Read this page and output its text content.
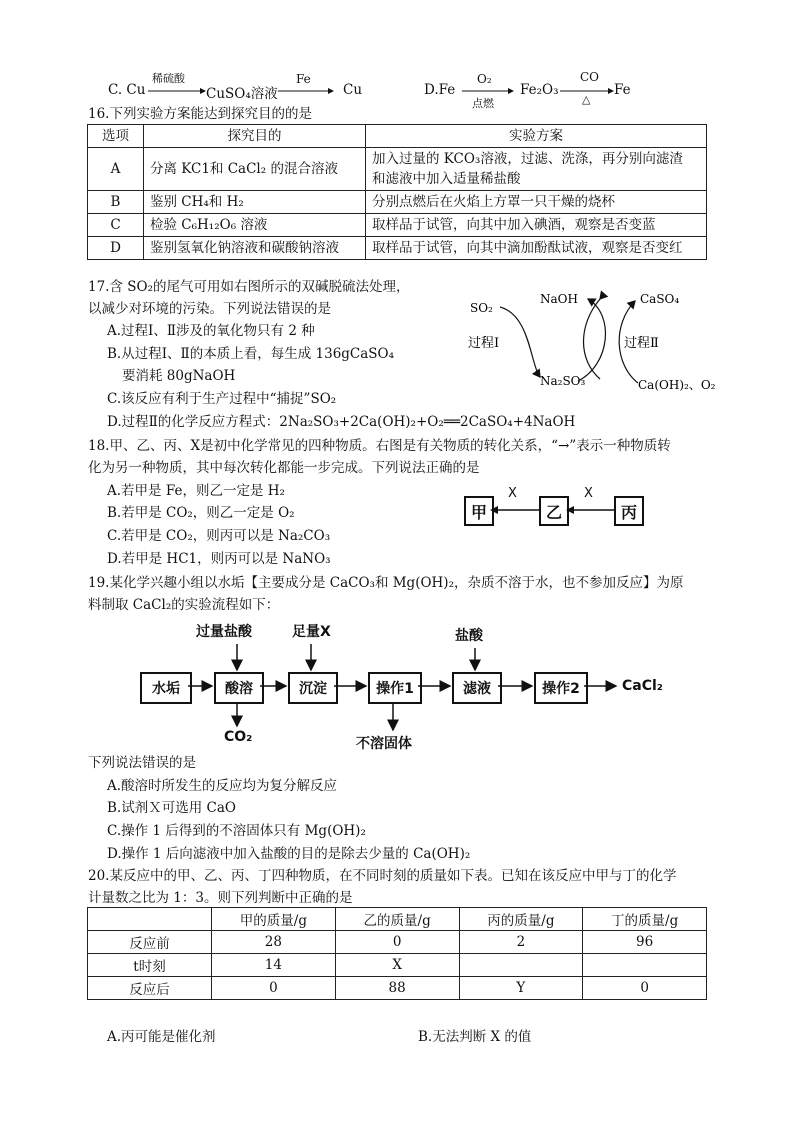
C. Cu
稀硫酸
CuSO₄溶液
Fe
Cu	D.Fe
O₂
点燃
Fe₂O₃
CO
△
Fe
16.下列实验方案能达到探究目的的是
选项	探究目的	实验方案
A	分离 KC1和 CaCl₂ 的混合溶液	加入过量的 KCO₃溶液，过滤、洗涤，再分别向滤渣
和滤液中加入适量稀盐酸

B	鉴别 CH₄和 H₂	分别点燃后在火焰上方罩一只干燥的烧杯
C	检验 C₆H₁₂O₆ 溶液	取样品于试管，向其中加入碘酒，观察是否变蓝
D	鉴别氢氧化钠溶液和碳酸钠溶液	取样品于试管，向其中滴加酚酞试液，观察是否变红
17.含 SO₂的尾气可用如右图所示的双碱脱硫法处理，
以减少对环境的污染。下列说法错误的是
A.过程Ⅰ、Ⅱ涉及的氧化物只有 2 种
B.从过程Ⅰ、Ⅱ的本质上看，每生成 136gCaSO₄
要消耗 80gNaOH
C.该反应有利于生产过程中“捕捉”SO₂
D.过程Ⅱ的化学反应方程式：2Na₂SO₃+2Ca(OH)₂+O₂══2CaSO₄+4NaOH
SO₂
NaOH	CaSO₄
过程Ⅰ	过程Ⅱ
Na₂SO₃	Ca(OH)₂、O₂
18.甲、乙、丙、X是初中化学常见的四种物质。右图是有关物质的转化关系，“→”表示一种物质转
化为另一种物质，其中每次转化都能一步完成。下列说法正确的是
A.若甲是 Fe，则乙一定是 H₂
B.若甲是 CO₂，则乙一定是 O₂
C.若甲是 CO₂，则丙可以是 Na₂CO₃
D.若甲是 HC1，则丙可以是 NaNO₃
甲	乙	丙
X	X
19.某化学兴趣小组以水垢【主要成分是 CaCO₃和 Mg(OH)₂，杂质不溶于水，也不参加反应】为原
料制取 CaCl₂的实验流程如下：
过量盐酸	足量X	盐酸
水垢	酸溶	沉淀	操作1	滤液	操作2	CaCl₂
CO₂	不溶固体
下列说法错误的是
A.酸溶时所发生的反应均为复分解反应
B.试剂Ｘ可选用 CaO
C.操作 1 后得到的不溶固体只有 Mg(OH)₂
D.操作 1 后向滤液中加入盐酸的目的是除去少量的 Ca(OH)₂
20.某反应中的甲、乙、丙、丁四种物质，在不同时刻的质量如下表。已知在该反应中甲与丁的化学
计量数之比为 1：3。则下列判断中正确的是
	甲的质量/g	乙的质量/g	丙的质量/g	丁的质量/g
反应前	28	0	2	96
t时刻	14	X		
反应后	0	88	Y	0
A.丙可能是催化剂	B.无法判断 X 的值
